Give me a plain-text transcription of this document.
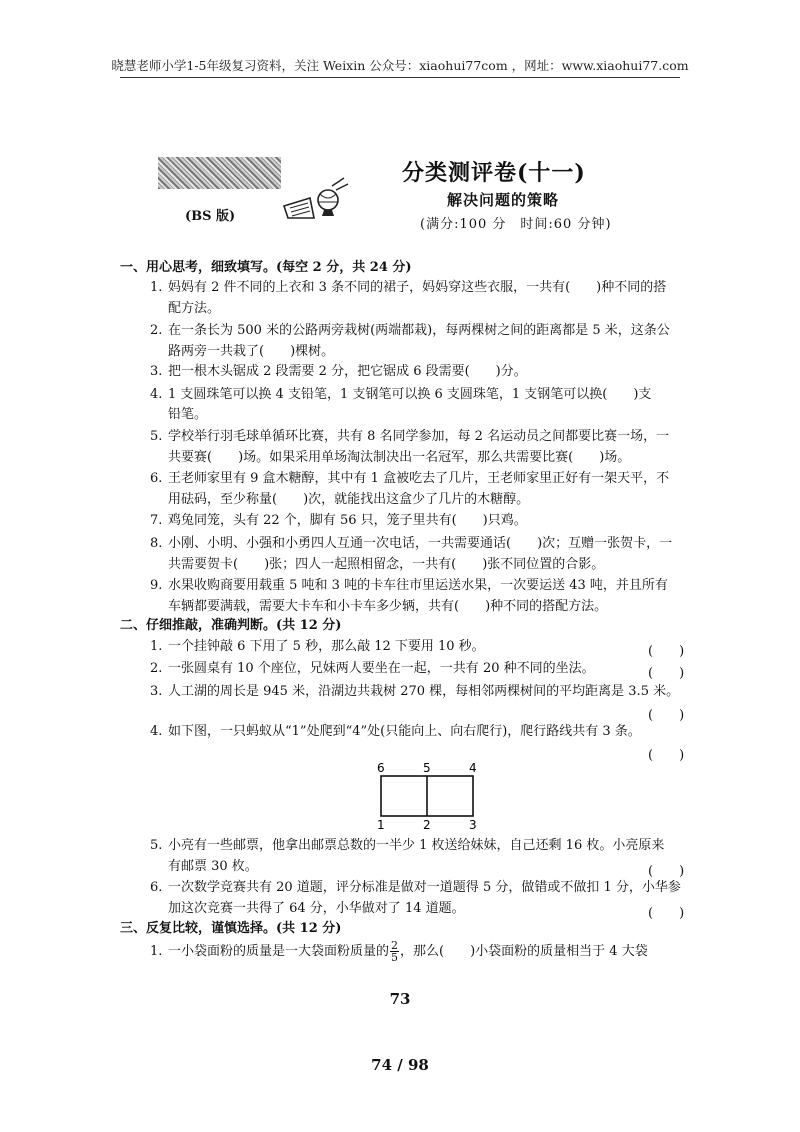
晓慧老师小学1-5年级复习资料，关注 Weixin 公众号：xiaohui77com ，网址：www.xiaohui77.com
(BS 版)
分类测评卷(十一)
解决问题的策略
(满分:100 分　时间:60 分钟)
一、用心思考，细致填写。(每空 2 分，共 24 分)
1. 妈妈有 2 件不同的上衣和 3 条不同的裙子，妈妈穿这些衣服，一共有(　　)种不同的搭
配方法。
2. 在一条长为 500 米的公路两旁栽树(两端都栽)，每两棵树之间的距离都是 5 米，这条公
路两旁一共栽了(　　)棵树。
3. 把一根木头锯成 2 段需要 2 分，把它锯成 6 段需要(　　)分。
4. 1 支圆珠笔可以换 4 支铅笔，1 支钢笔可以换 6 支圆珠笔，1 支钢笔可以换(　　)支
铅笔。
5. 学校举行羽毛球单循环比赛，共有 8 名同学参加，每 2 名运动员之间都要比赛一场，一
共要赛(　　)场。如果采用单场淘汰制决出一名冠军，那么共需要比赛(　　)场。
6. 王老师家里有 9 盒木糖醇，其中有 1 盒被吃去了几片，王老师家里正好有一架天平，不
用砝码，至少称量(　　)次，就能找出这盒少了几片的木糖醇。
7. 鸡兔同笼，头有 22 个，脚有 56 只，笼子里共有(　　)只鸡。
8. 小刚、小明、小强和小勇四人互通一次电话，一共需要通话(　　)次；互赠一张贺卡，一
共需要贺卡(　　)张；四人一起照相留念，一共有(　　)张不同位置的合影。
9. 水果收购商要用载重 5 吨和 3 吨的卡车往市里运送水果，一次要运送 43 吨，并且所有
车辆都要满载，需要大卡车和小卡车多少辆，共有(　　)种不同的搭配方法。
二、仔细推敲，准确判断。(共 12 分)
1. 一个挂钟敲 6 下用了 5 秒，那么敲 12 下要用 10 秒。	(　　)
2. 一张圆桌有 10 个座位，兄妹两人要坐在一起，一共有 20 种不同的坐法。	(　　)
3. 人工湖的周长是 945 米，沿湖边共栽树 270 棵，每相邻两棵树间的平均距离是 3.5 米。
(　　)
4. 如下图，一只蚂蚁从“1”处爬到“4”处(只能向上、向右爬行)，爬行路线共有 3 条。
(　　)
6	5	4
1	2	3
5. 小亮有一些邮票，他拿出邮票总数的一半少 1 枚送给妹妹，自己还剩 16 枚。小亮原来
有邮票 30 枚。	(　　)
6. 一次数学竞赛共有 20 道题，评分标准是做对一道题得 5 分，做错或不做扣 1 分，小华参
加这次竞赛一共得了 64 分，小华做对了 14 道题。	(　　)
三、反复比较，谨慎选择。(共 12 分)
1. 一小袋面粉的质量是一大袋面粉质量的 $\frac{2}{5}$ ，那么(　　)小袋面粉的质量相当于 4 大袋
73
74 / 98
